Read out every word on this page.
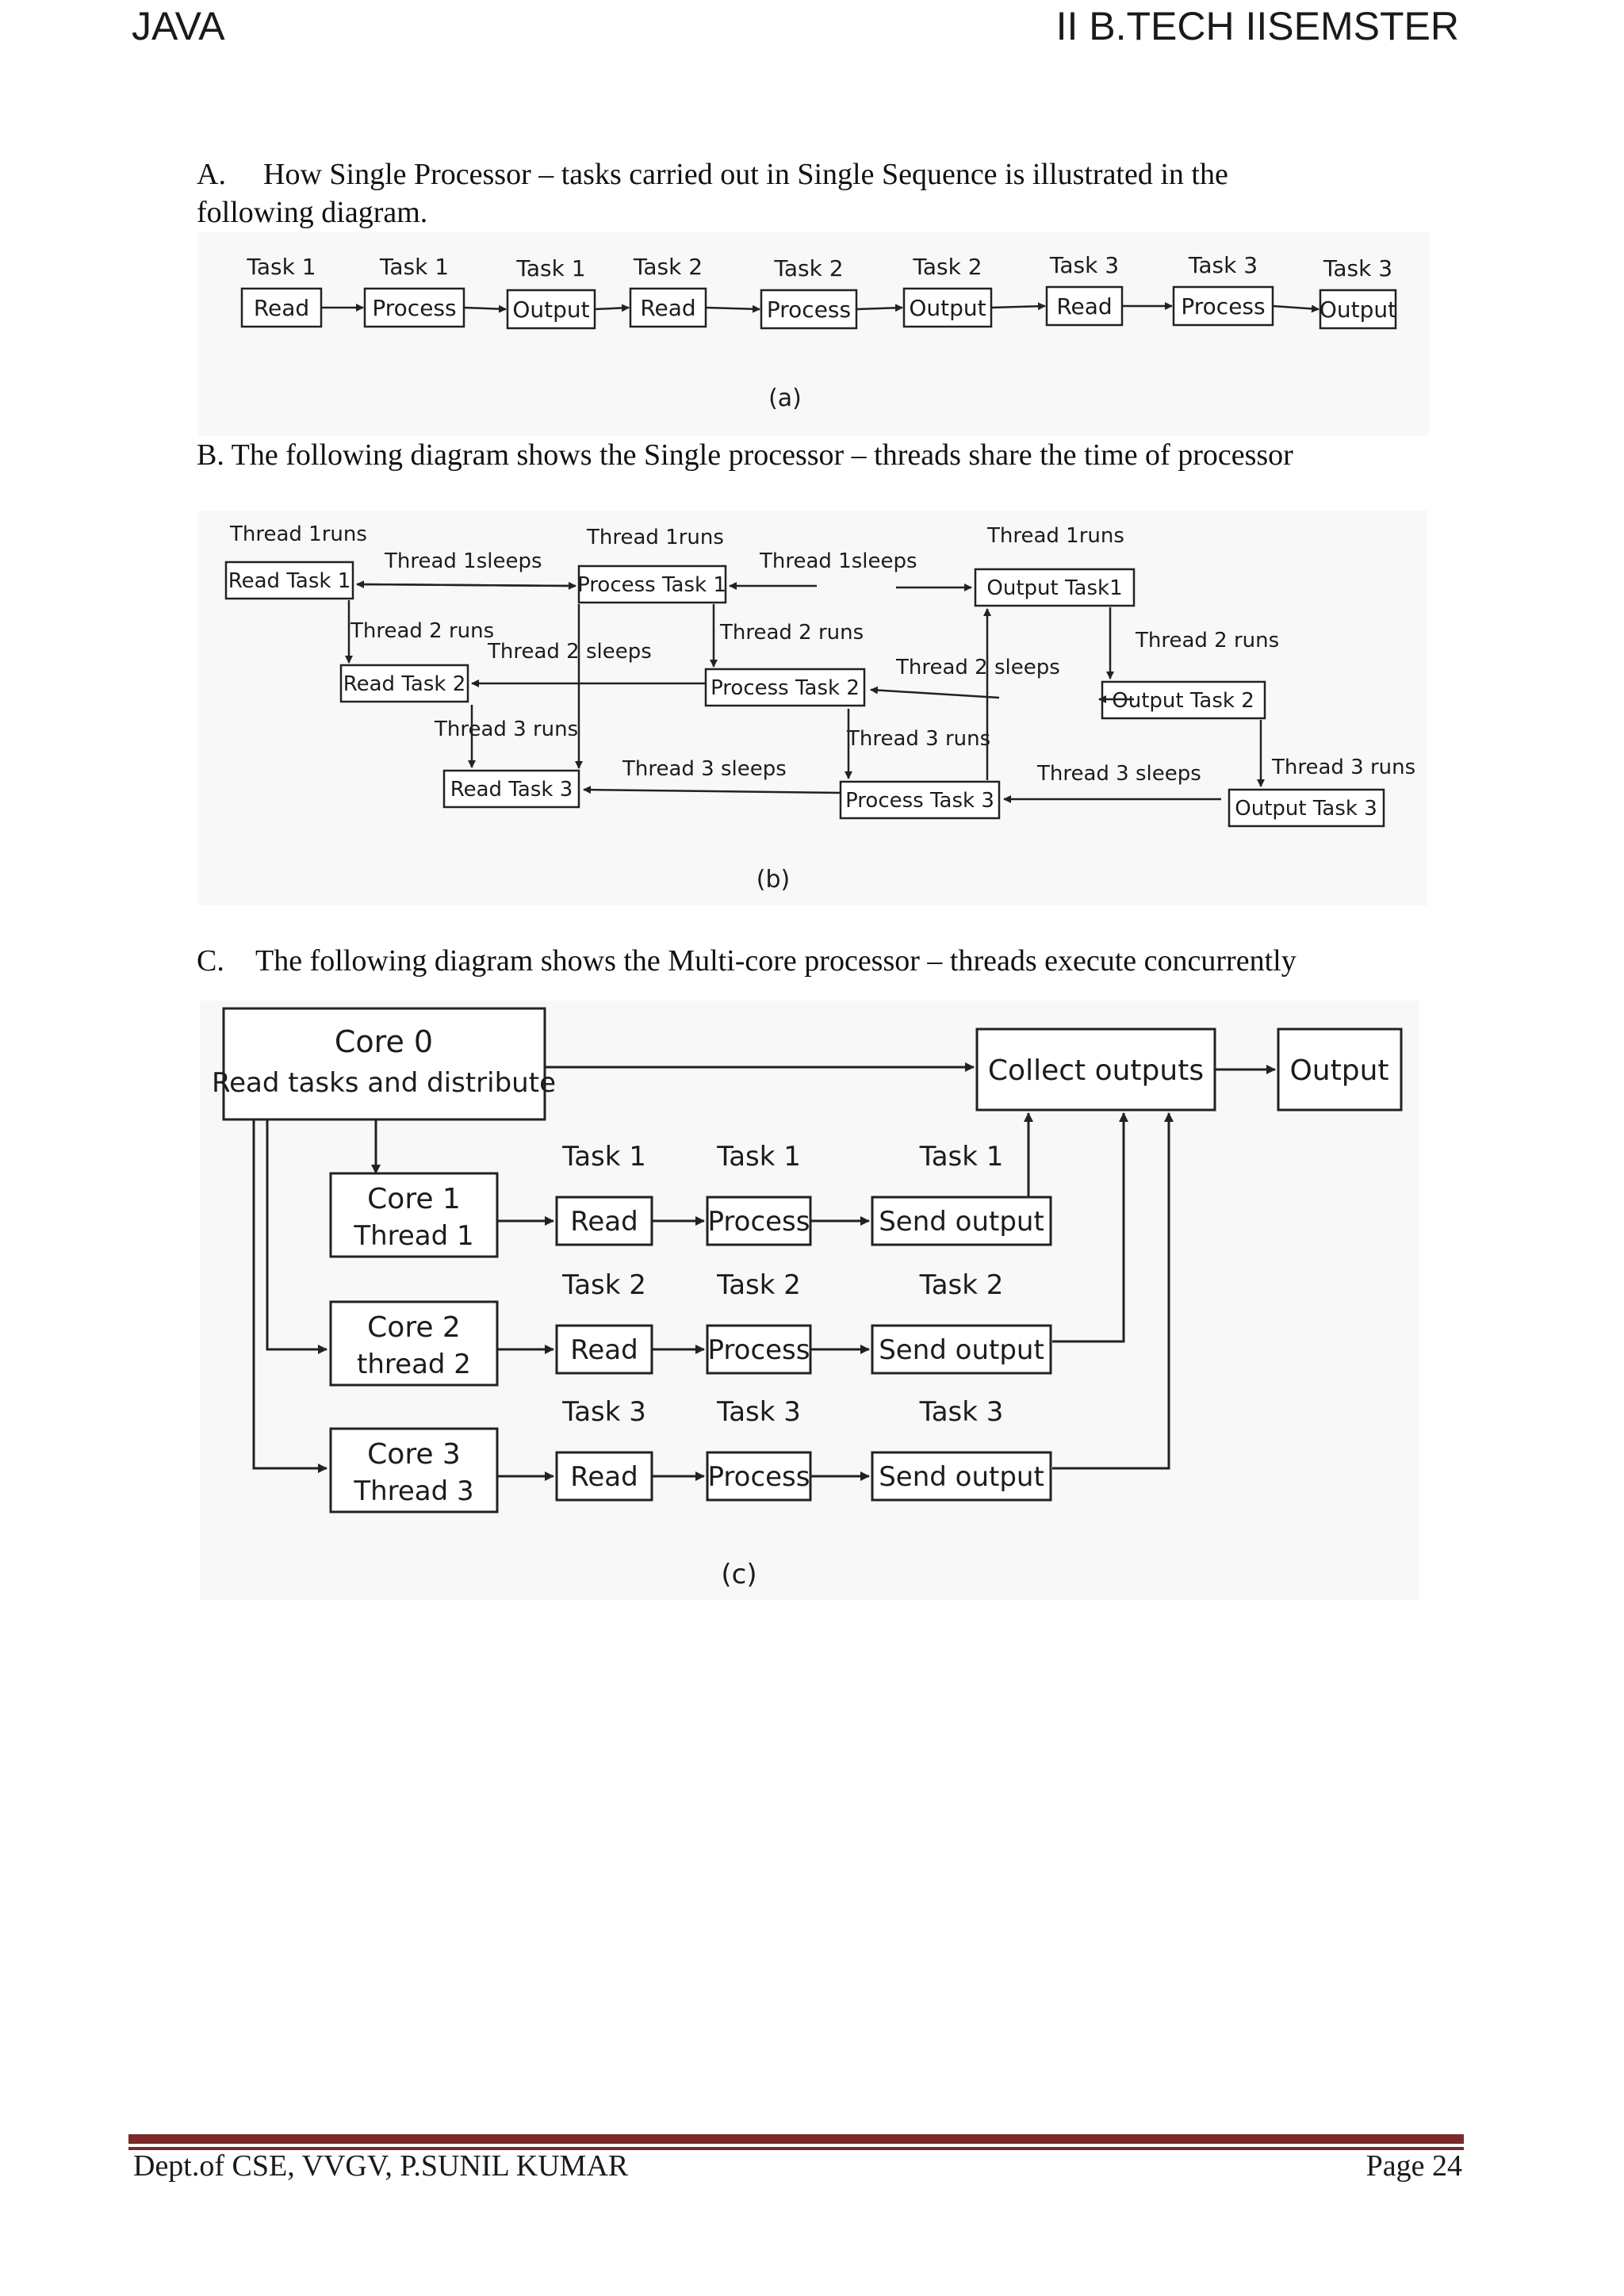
JAVA	II B.TECH IISEMSTER
A. How Single Processor – tasks carried out in Single Sequence is illustrated in the following diagram.
Task 1
Read
Task 1
Process
Task 1
Output
Task 2
Read
Task 2
Process
Task 2
Output
Task 3
Read
Task 3
Process
Task 3
Output
(a)
B. The following diagram shows the Single processor – threads share the time of processor
Read Task 1	Process Task 1	Output Task1
Read Task 2	Process Task 2
Output Task 2
Read Task 3	Process Task 3	Output Task 3
Thread 1runs
Thread 1sleeps
Thread 1runs
Thread 1sleeps
Thread 1runs
Thread 2 runs
Thread 2 sleeps
Thread 2 runs
Thread 2 sleeps
Thread 2 runs
Thread 3 runs
Thread 3 sleeps
Thread 3 runs
Thread 3 sleeps	Thread 3 runs
(b)
C. The following diagram shows the Multi-core processor – threads execute concurrently
Core 0
Read tasks and distribute	Collect outputs	Output
Core 1
Thread 1
Task 1
Read
Task 1
Process
Task 1
Send output
Core 2
thread 2
Task 2
Read
Task 2
Process
Task 2
Send output
Core 3
Thread 3
Task 3
Read
Task 3
Process
Task 3
Send output
(c)
Dept.of CSE, VVGV, P.SUNIL KUMAR	Page 24
